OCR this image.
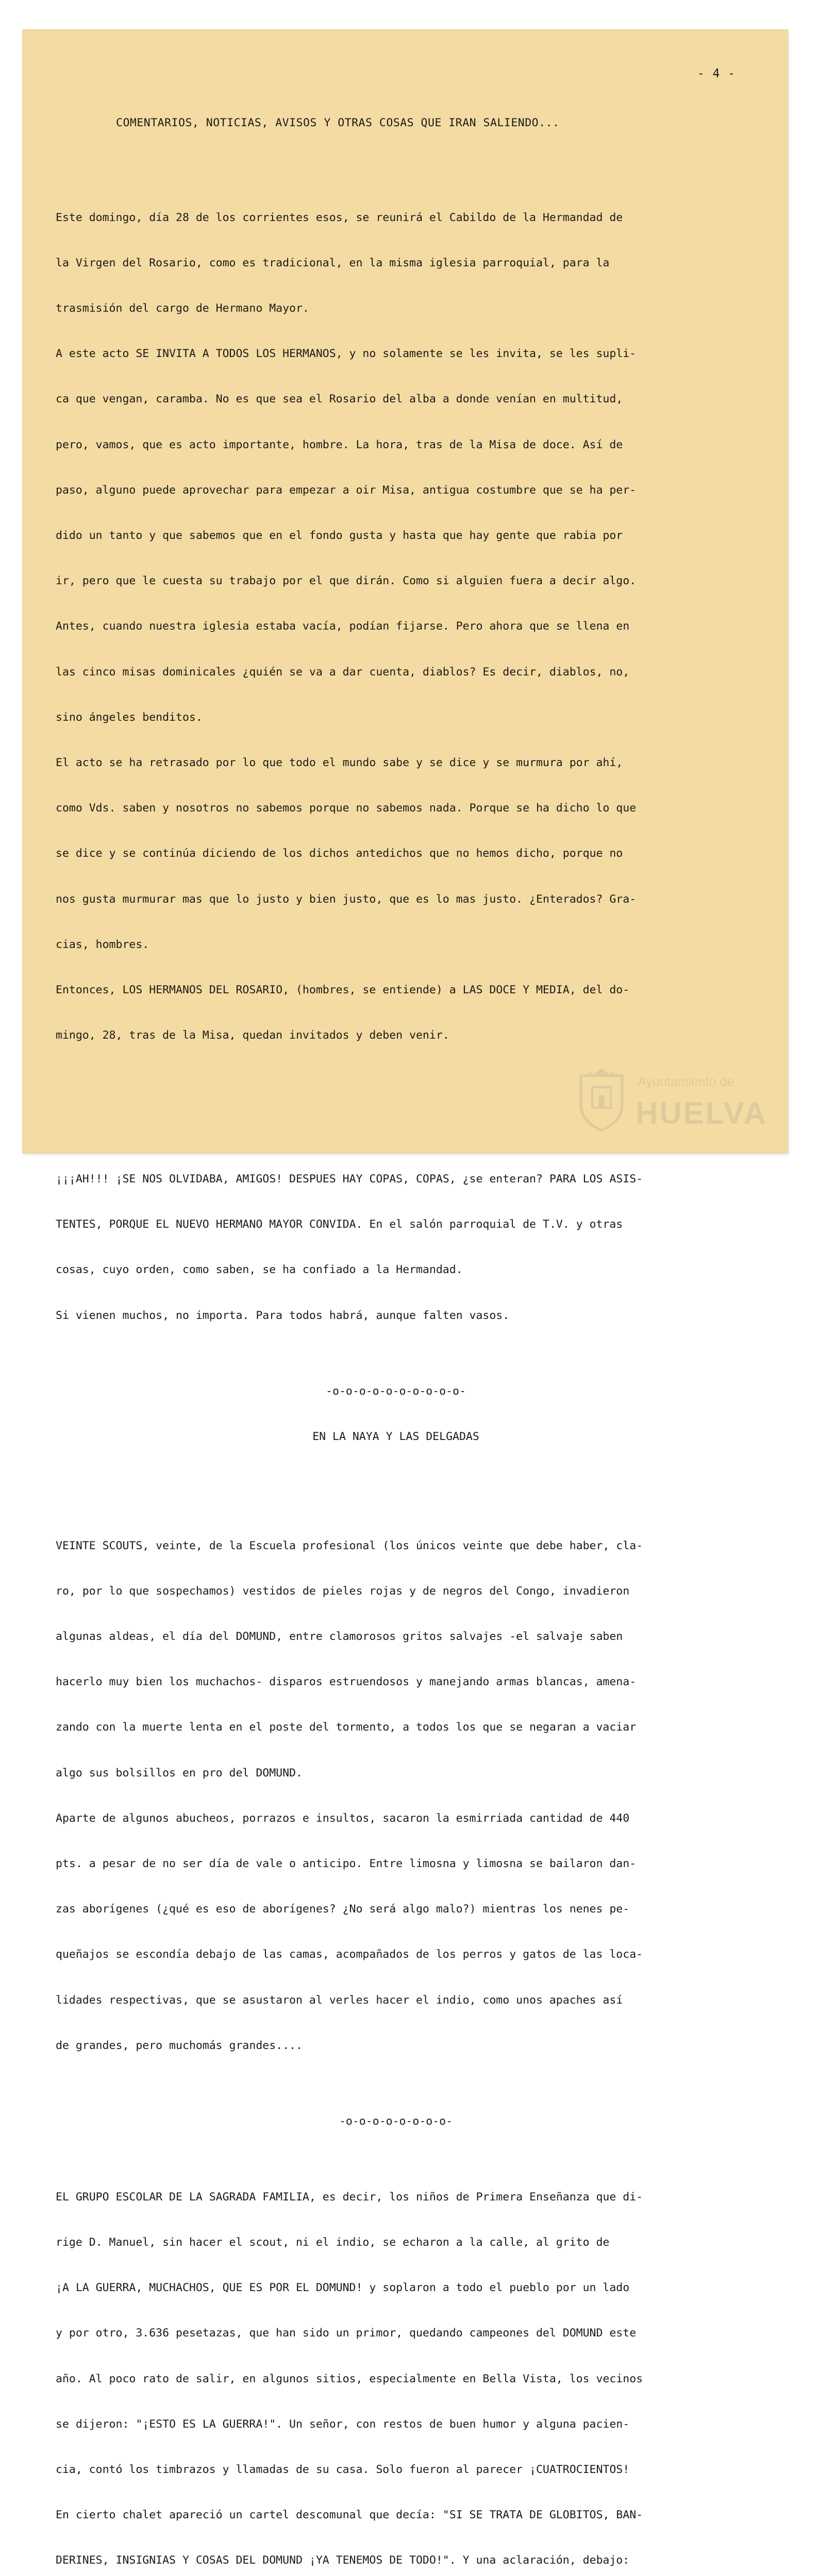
- 4 -
COMENTARIOS, NOTICIAS, AVISOS Y OTRAS COSAS QUE IRAN SALIENDO...

Este domingo, día 28 de los corrientes esos, se reunirá el Cabildo de la Hermandad de

la Virgen del Rosario, como es tradicional, en la misma iglesia parroquial, para la

trasmisión del cargo de Hermano Mayor.

A este acto SE INVITA A TODOS LOS HERMANOS, y no solamente se les invita, se les supli-

ca que vengan, caramba. No es que sea el Rosario del alba a donde venían en multitud,

pero, vamos, que es acto importante, hombre. La hora, tras de la Misa de doce. Así de

paso, alguno puede aprovechar para empezar a oir Misa, antigua costumbre que se ha per-

dido un tanto y que sabemos que en el fondo gusta y hasta que hay gente que rabia por

ir, pero que le cuesta su trabajo por el que dirán. Como si alguien fuera a decir algo.

Antes, cuando nuestra iglesia estaba vacía, podían fijarse. Pero ahora que se llena en

las cinco misas dominicales ¿quién se va a dar cuenta, diablos? Es decir, diablos, no,

sino ángeles benditos.

El acto se ha retrasado por lo que todo el mundo sabe y se dice y se murmura por ahí,

como Vds. saben y nosotros no sabemos porque no sabemos nada. Porque se ha dicho lo que

se dice y se continúa diciendo de los dichos antedichos que no hemos dicho, porque no

nos gusta murmurar mas que lo justo y bien justo, que es lo mas justo. ¿Enterados? Gra-

cias, hombres.

Entonces, LOS HERMANOS DEL ROSARIO, (hombres, se entiende) a LAS DOCE Y MEDIA, del do-

mingo, 28, tras de la Misa, quedan invitados y deben venir.

¡¡¡AH!!! ¡SE NOS OLVIDABA, AMIGOS! DESPUES HAY COPAS, COPAS, ¿se enteran? PARA LOS ASIS-

TENTES, PORQUE EL NUEVO HERMANO MAYOR CONVIDA. En el salón parroquial de T.V. y otras

cosas, cuyo orden, como saben, se ha confiado a la Hermandad.

Si vienen muchos, no importa. Para todos habrá, aunque falten vasos.

-o-o-o-o-o-o-o-o-o-o-

EN LA NAYA Y LAS DELGADAS

VEINTE SCOUTS, veinte, de la Escuela profesional (los únicos veinte que debe haber, cla-

ro, por lo que sospechamos) vestidos de pieles rojas y de negros del Congo, invadieron

algunas aldeas, el día del DOMUND, entre clamorosos gritos salvajes -el salvaje saben

hacerlo muy bien los muchachos- disparos estruendosos y manejando armas blancas, amena-

zando con la muerte lenta en el poste del tormento, a todos los que se negaran a vaciar

algo sus bolsillos en pro del DOMUND.

Aparte de algunos abucheos, porrazos e insultos, sacaron la esmirriada cantidad de 440

pts. a pesar de no ser día de vale o anticipo. Entre limosna y limosna se bailaron dan-

zas aborígenes (¿qué es eso de aborígenes? ¿No será algo malo?) mientras los nenes pe-

queñajos se escondía debajo de las camas, acompañados de los perros y gatos de las loca-

lidades respectivas, que se asustaron al verles hacer el indio, como unos apaches así

de grandes, pero muchomás grandes....

-o-o-o-o-o-o-o-o-

EL GRUPO ESCOLAR DE LA SAGRADA FAMILIA, es decir, los niños de Primera Enseñanza que di-

rige D. Manuel, sin hacer el scout, ni el indio, se echaron a la calle, al grito de

¡A LA GUERRA, MUCHACHOS, QUE ES POR EL DOMUND! y soplaron a todo el pueblo por un lado

y por otro, 3.636 pesetazas, que han sido un primor, quedando campeones del DOMUND este

año. Al poco rato de salir, en algunos sitios, especialmente en Bella Vista, los vecinos

se dijeron: "¡ESTO ES LA GUERRA!". Un señor, con restos de buen humor y alguna pacien-

cia, contó los timbrazos y llamadas de su casa. Solo fueron al parecer ¡CUATROCIENTOS!

En cierto chalet apareció un cartel descomunal que decía: "SI SE TRATA DE GLOBITOS, BAN-

DERINES, INSIGNIAS Y COSAS DEL DOMUND ¡YA TENEMOS DE TODO!". Y una aclaración, debajo:

Ayuntamiento de
HUELVA
